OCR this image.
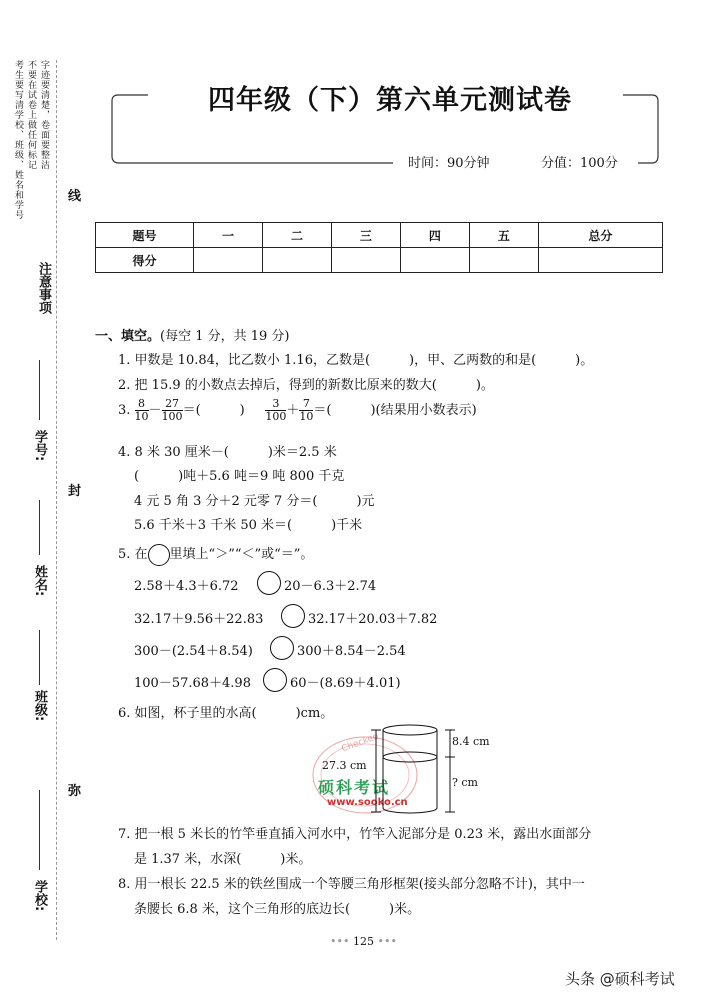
考生要写清学校、班级、姓名和学号 不要在试卷上做任何标记 字迹要清楚，卷面要整洁
注意事项
线
封
弥
学号:
姓名:
班级:
学校:
四年级（下）第六单元测试卷
时间：90分钟	分值：100分
题号	一	二	三	四	五	总分
得分						
一、填空。(每空 1 分，共 19 分)
1. 甲数是 10.84，比乙数小 1.16，乙数是(　　　)，甲、乙两数的和是(　　　)。
2. 把 15.9 的小数点去掉后，得到的新数比原来的数大(　　　)。
3. $\frac{8}{10} - \frac{27}{100}$ ＝(　　　) $\frac{3}{100} + \frac{7}{10}$ ＝(　　　)(结果用小数表示)
4. 8 米 30 厘米－(　　　)米＝2.5 米
(　　　)吨＋5.6 吨＝9 吨 800 千克
4 元 5 角 3 分＋2 元零 7 分＝(　　　)元
5.6 千米＋3 千米 50 米＝(　　　)千米
5. 在 里填上“＞”“＜”或“＝”。
2.58＋4.3＋6.72	20－6.3＋2.74
32.17＋9.56＋22.83	32.17＋20.03＋7.82
300－(2.54＋8.54)	300＋8.54－2.54
100－57.68＋4.98	60－(8.69＋4.01)
6. 如图，杯子里的水高(　　　)cm。
Checked
硕科考试
www.sooko.cn
27.3 cm
8.4 cm
? cm
7. 把一根 5 米长的竹竿垂直插入河水中，竹竿入泥部分是 0.23 米，露出水面部分
是 1.37 米，水深(　　　)米。
8. 用一根长 22.5 米的铁丝围成一个等腰三角形框架(接头部分忽略不计)，其中一
条腰长 6.8 米，这个三角形的底边长(　　　)米。
••• 125 •••
头条 @硕科考试
